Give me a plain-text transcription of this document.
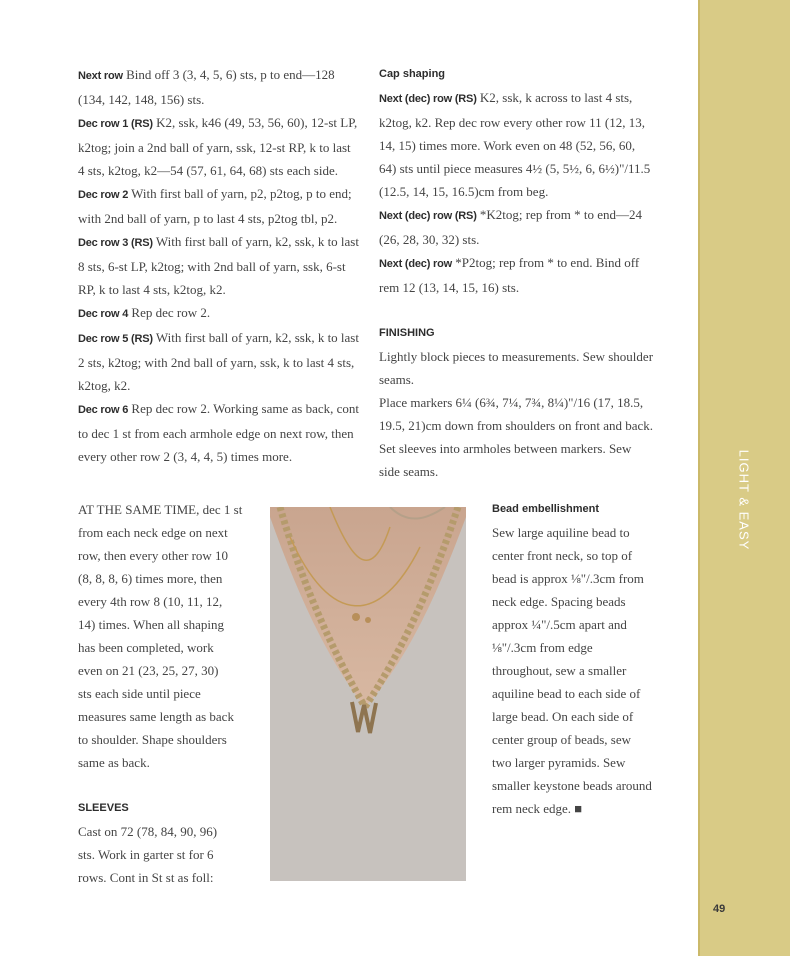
LIGHT & EASY
49

Next row Bind off 3 (3, 4, 5, 6) sts, p to end—128 (134, 142, 148, 156) sts.

Dec row 1 (RS) K2, ssk, k46 (49, 53, 56, 60), 12-st LP, k2tog; join a 2nd ball of yarn, ssk, 12-st RP, k to last 4 sts, k2tog, k2—54 (57, 61, 64, 68) sts each side.

Dec row 2 With first ball of yarn, p2, p2tog, p to end; with 2nd ball of yarn, p to last 4 sts, p2tog tbl, p2.

Dec row 3 (RS) With first ball of yarn, k2, ssk, k to last 8 sts, 6-st LP, k2tog; with 2nd ball of yarn, ssk, 6-st RP, k to last 4 sts, k2tog, k2.

Dec row 4 Rep dec row 2.

Dec row 5 (RS) With first ball of yarn, k2, ssk, k to last 2 sts, k2tog; with 2nd ball of yarn, ssk, k to last 4 sts, k2tog, k2.

Dec row 6 Rep dec row 2. Working same as back, cont to dec 1 st from each armhole edge on next row, then every other row 2 (3, 4, 4, 5) times more.

AT THE SAME TIME, dec 1 st

from each neck edge on next

row, then every other row 10

(8, 8, 8, 6) times more, then

every 4th row 8 (10, 11, 12,

14) times. When all shaping

has been completed, work

even on 21 (23, 25, 27, 30)

sts each side until piece

measures same length as back

to shoulder. Shape shoulders

same as back.

SLEEVES

Cast on 72 (78, 84, 90, 96)

sts. Work in garter st for 6

rows. Cont in St st as foll:

Cap shaping

Next (dec) row (RS) K2, ssk, k across to last 4 sts, k2tog, k2. Rep dec row every other row 11 (12, 13, 14, 15) times more. Work even on 48 (52, 56, 60, 64) sts until piece measures 4½ (5, 5½, 6, 6½)"/11.5 (12.5, 14, 15, 16.5)cm from beg.

Next (dec) row (RS) *K2tog; rep from * to end—24 (26, 28, 30, 32) sts.

Next (dec) row *P2tog; rep from * to end. Bind off rem 12 (13, 14, 15, 16) sts.

FINISHING

Lightly block pieces to measurements. Sew shoulder seams.

Place markers 6¼ (6¾, 7¼, 7¾, 8¼)"/16 (17, 18.5, 19.5, 21)cm down from shoulders on front and back. Set sleeves into armholes between markers. Sew side seams.

Bead embellishment

Sew large aquiline bead to

center front neck, so top of

bead is approx ⅛"/.3cm from

neck edge. Spacing beads

approx ¼"/.5cm apart and

⅛"/.3cm from edge

throughout, sew a smaller

aquiline bead to each side of

large bead. On each side of

center group of beads, sew

two larger pyramids. Sew

smaller keystone beads around

rem neck edge. ■
